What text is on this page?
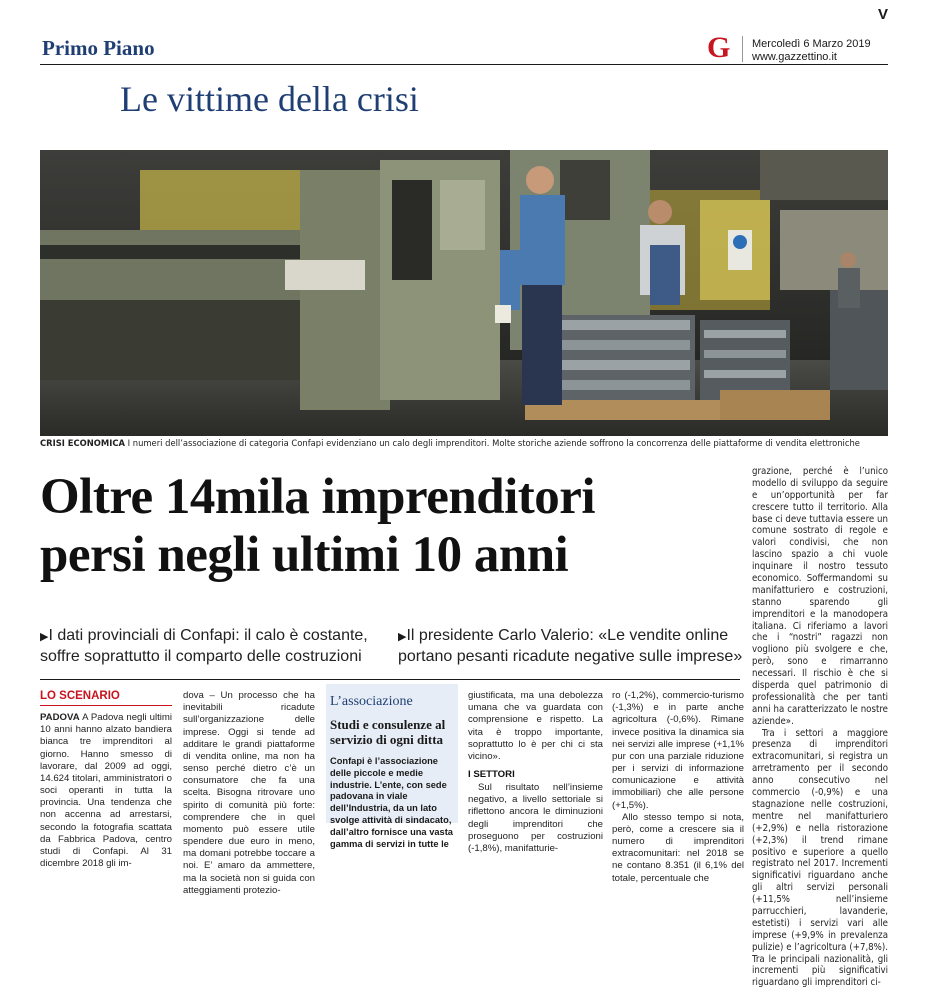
V
Primo Piano	G Mercoledì 6 Marzo 2019
www.gazzettino.it
Le vittime della crisi
CRISI ECONOMICA I numeri dell’associazione di categoria Confapi evidenziano un calo degli imprenditori. Molte storiche aziende soffrono la concorrenza delle piattaforme di vendita elettroniche
Oltre 14mila imprenditori
persi negli ultimi 10 anni
▶I dati provinciali di Confapi: il calo è costante,
soffre soprattutto il comparto delle costruzioni
▶Il presidente Carlo Valerio: «Le vendite online
portano pesanti ricadute negative sulle imprese»

grazione, perché è l’unico modello di sviluppo da seguire e un’opportunità per far crescere tutto il territorio. Alla base ci deve tuttavia essere un comune sostrato di regole e valori condivisi, che non lascino spazio a chi vuole inquinare il nostro tessuto economico. Soffermandomi su manifatturiero e costruzioni, stanno sparendo gli imprenditori e la manodopera italiana. Ci riferiamo a lavori che i “nostri” ragazzi non vogliono più svolgere e che, però, sono e rimarranno necessari. Il rischio è che si disperda quel patrimonio di professionalità che per tanti anni ha caratterizzato le nostre aziende».

Tra i settori a maggiore presenza di imprenditori extracomunitari, si registra un arretramento per il secondo anno consecutivo nel commercio (-0,9%) e una stagnazione nelle costruzioni, mentre nel manifatturiero (+2,9%) e nella ristorazione (+2,3%) il trend rimane positivo e superiore a quello registrato nel 2017. Incrementi significativi riguardano anche gli altri servizi personali (+11,5% nell’insieme parrucchieri, lavanderie, estetisti) i servizi vari alle imprese (+9,9% in prevalenza pulizie) e l’agricoltura (+7,8%). Tra le principali nazionalità, gli incrementi più significativi riguardano gli imprenditori ci-

LO SCENARIO
PADOVA A Padova negli ultimi 10 anni hanno alzato bandiera bianca tre imprenditori al giorno. Hanno smesso di lavorare, dal 2009 ad oggi, 14.624 titolari, amministratori o soci operanti in tutta la provincia. Una tendenza che non accenna ad arrestarsi, secondo la fotografia scattata da Fabbrica Padova, centro studi di Confapi. Al 31 dicembre 2018 gli im-
dova – Un processo che ha inevitabili ricadute sull’organizzazione delle imprese. Oggi si tende ad additare le grandi piattaforme di vendita online, ma non ha senso perché dietro c’è un consumatore che fa una scelta. Bisogna ritrovare uno spirito di comunità più forte: comprendere che in quel momento può essere utile spendere due euro in meno, ma domani potrebbe toccare a noi. E’ amaro da ammettere, ma la società non si guida con atteggiamenti protezio-
L’associazione
Studi e consulenze al servizio di ogni ditta
Confapi è l’associazione delle piccole e medie industrie. L’ente, con sede padovana in viale dell’Industria, da un lato svolge attività di sindacato, dall’altro fornisce una vasta gamma di servizi in tutte le
giustificata, ma una debolezza umana che va guardata con comprensione e rispetto. La vita è troppo importante, soprattutto lo è per chi ci sta vicino».
I SETTORI
Sul risultato nell’insieme negativo, a livello settoriale si riflettono ancora le diminuzioni degli imprenditori che proseguono per costruzioni (-1,8%), manifatturie-
ro (-1,2%), commercio-turismo (-1,3%) e in parte anche agricoltura (-0,6%). Rimane invece positiva la dinamica sia nei servizi alle imprese (+1,1% pur con una parziale riduzione per i servizi di informazione comunicazione e attività immobiliari) che alle persone (+1,5%).
Allo stesso tempo si nota, però, come a crescere sia il numero di imprenditori extracomunitari: nel 2018 se ne contano 8.351 (il 6,1% del totale, percentuale che
